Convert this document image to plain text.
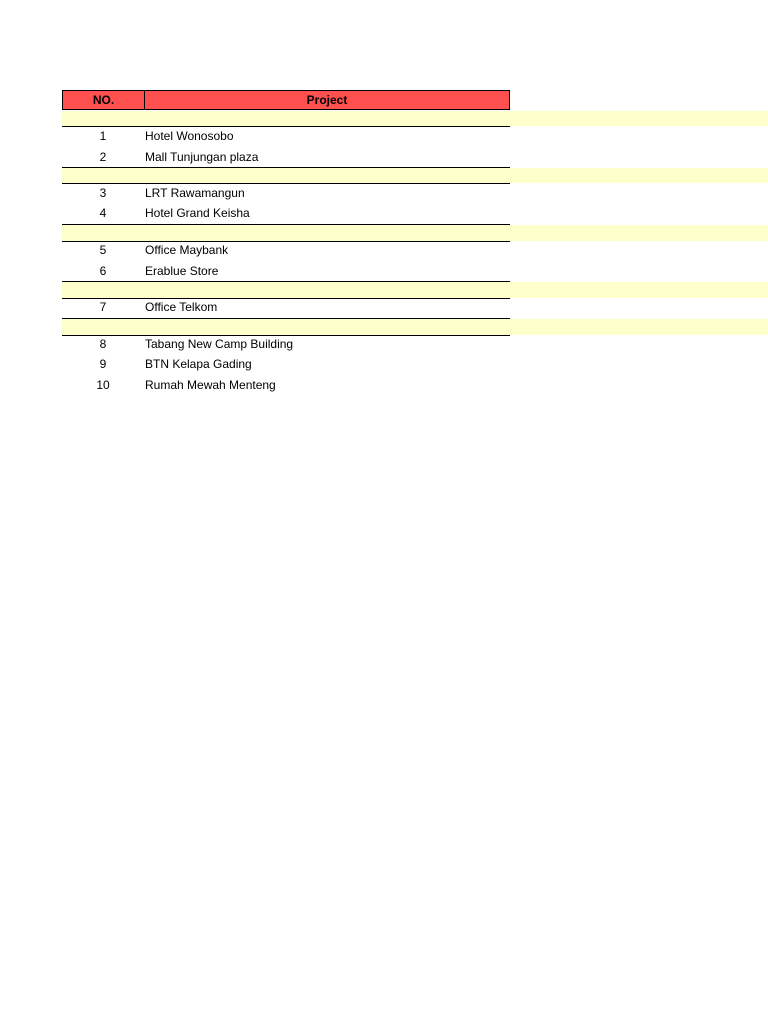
NO.	Project
1	Hotel Wonosobo
2	Mall Tunjungan plaza
3	LRT Rawamangun
4	Hotel Grand Keisha
5	Office Maybank
6	Erablue Store
7	Office Telkom
8	Tabang New Camp Building
9	BTN Kelapa Gading
10	Rumah Mewah Menteng
